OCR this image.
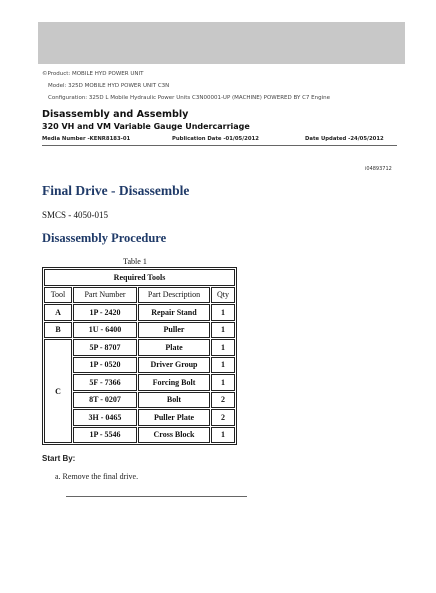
©Product: MOBILE HYD POWER UNIT
Model: 325D MOBILE HYD POWER UNIT C3N
Configuration: 325D L Mobile Hydraulic Power Units C3N00001-UP (MACHINE) POWERED BY C7 Engine
Disassembly and Assembly
320 VH and VM Variable Gauge Undercarriage
Media Number -KENR8183-01	Publication Date -01/05/2012	Date Updated -24/05/2012
i04893712
Final Drive - Disassemble
SMCS - 4050-015
Disassembly Procedure
Table 1
Required Tools			
Tool	Part Number	Part Description	Qty
A	1P - 2420	Repair Stand	1
B	1U - 6400	Puller	1
C	5P - 8707	Plate	1
	1P - 0520	Driver Group	1
	5F - 7366	Forcing Bolt	1
	8T - 0207	Bolt	2
	3H - 0465	Puller Plate	2
	1P - 5546	Cross Block	1
Start By:
a. Remove the final drive.
